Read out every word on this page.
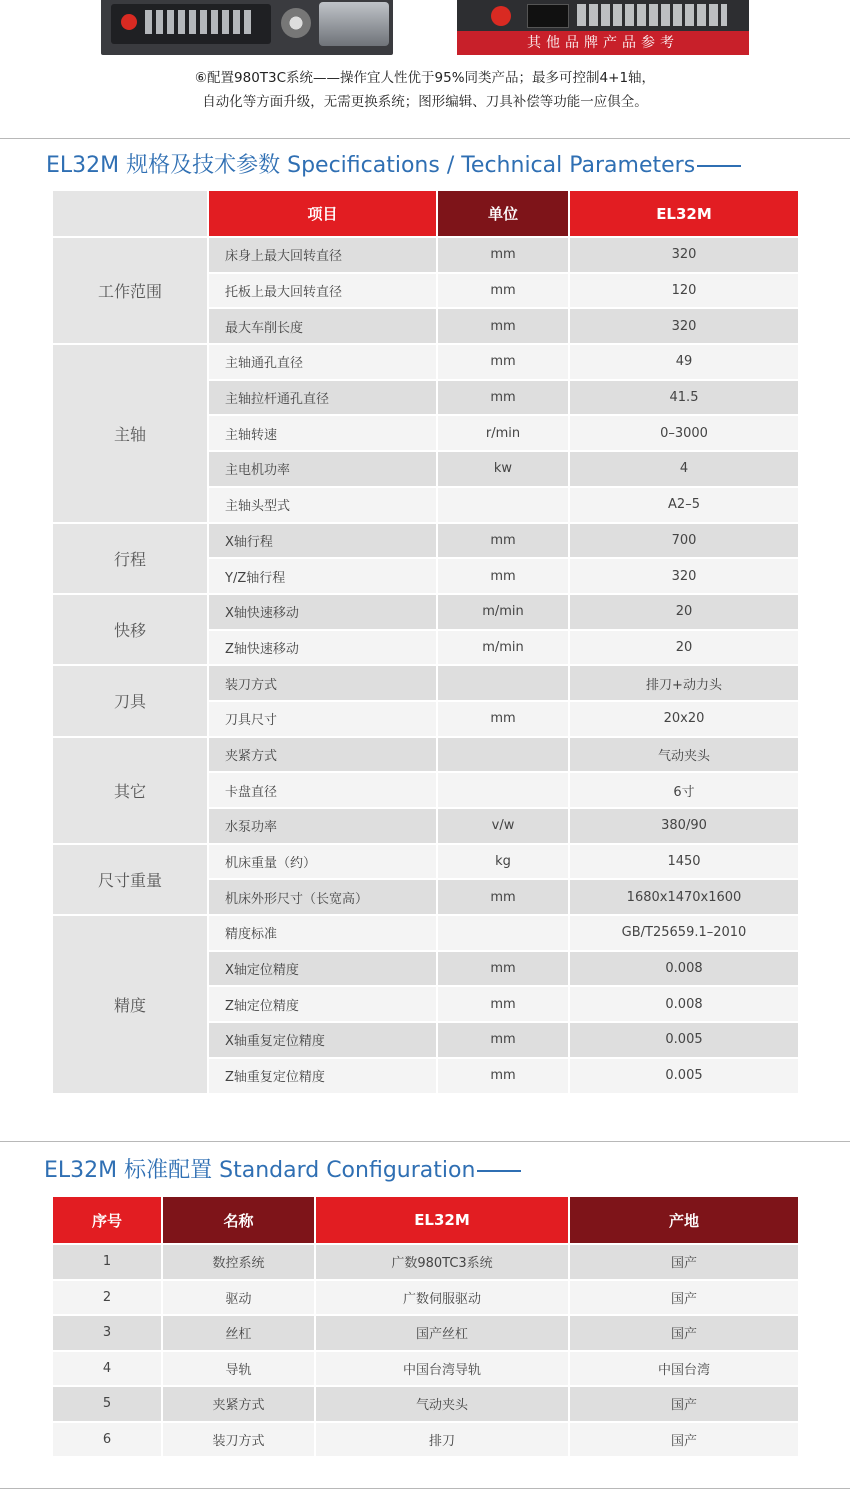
其他品牌产品参考
⑥配置980T3C系统——操作宜人性优于95%同类产品；最多可控制4+1轴，
自动化等方面升级，无需更换系统；图形编辑、刀具补偿等功能一应俱全。
EL32M 规格及技术参数 Specifications / Technical Parameters
	项目	单位	EL32M
工作范围	床身上最大回转直径	mm	320
	托板上最大回转直径	mm	120
	最大车削长度	mm	320
主轴	主轴通孔直径	mm	49
	主轴拉杆通孔直径	mm	41.5
	主轴转速	r/min	0–3000
	主电机功率	kw	4
	主轴头型式		A2–5
行程	X轴行程	mm	700
	Y/Z轴行程	mm	320
快移	X轴快速移动	m/min	20
	Z轴快速移动	m/min	20
刀具	装刀方式		排刀+动力头
	刀具尺寸	mm	20x20
其它	夹紧方式		气动夹头
	卡盘直径		6寸
	水泵功率	v/w	380/90
尺寸重量	机床重量（约）	kg	1450
	机床外形尺寸（长宽高）	mm	1680x1470x1600
精度	精度标准		GB/T25659.1–2010
	X轴定位精度	mm	0.008
	Z轴定位精度	mm	0.008
	X轴重复定位精度	mm	0.005
	Z轴重复定位精度	mm	0.005
EL32M 标准配置 Standard Configuration
序号	名称	EL32M	产地
1	数控系统	广数980TC3系统	国产
2	驱动	广数伺服驱动	国产
3	丝杠	国产丝杠	国产
4	导轨	中国台湾导轨	中国台湾
5	夹紧方式	气动夹头	国产
6	装刀方式	排刀	国产
